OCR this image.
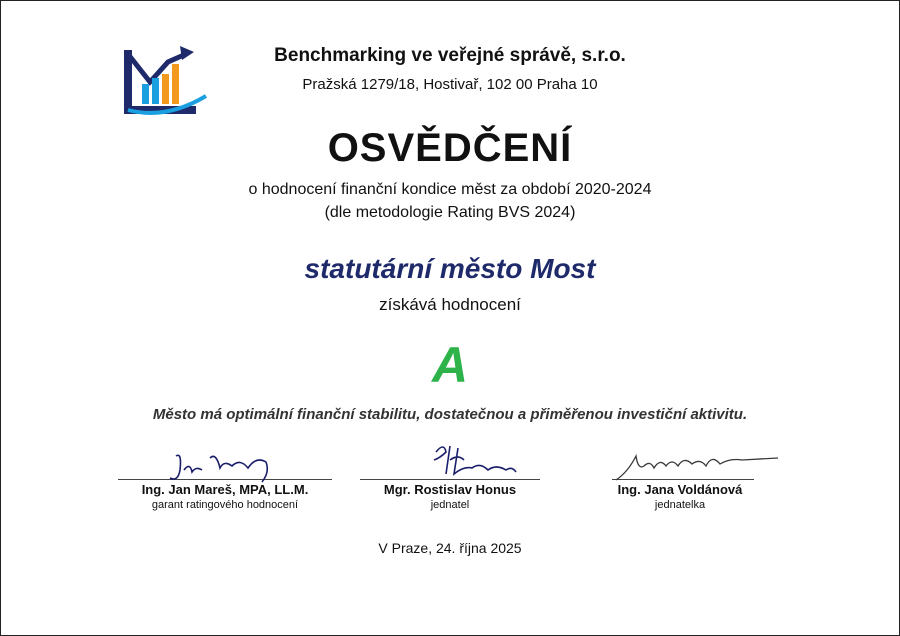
Benchmarking ve veřejné správě, s.r.o.
Pražská 1279/18, Hostivař, 102 00 Praha 10
OSVĚDČENÍ
o hodnocení finanční kondice měst za období 2020-2024
(dle metodologie Rating BVS 2024)
statutární město Most
získává hodnocení
A
Město má optimální finanční stabilitu, dostatečnou a přiměřenou investiční aktivitu.
Ing. Jan Mareš, MPA, LL.M.
garant ratingového hodnocení
Mgr. Rostislav Honus
jednatel
Ing. Jana Voldánová
jednatelka
V Praze, 24. října 2025
